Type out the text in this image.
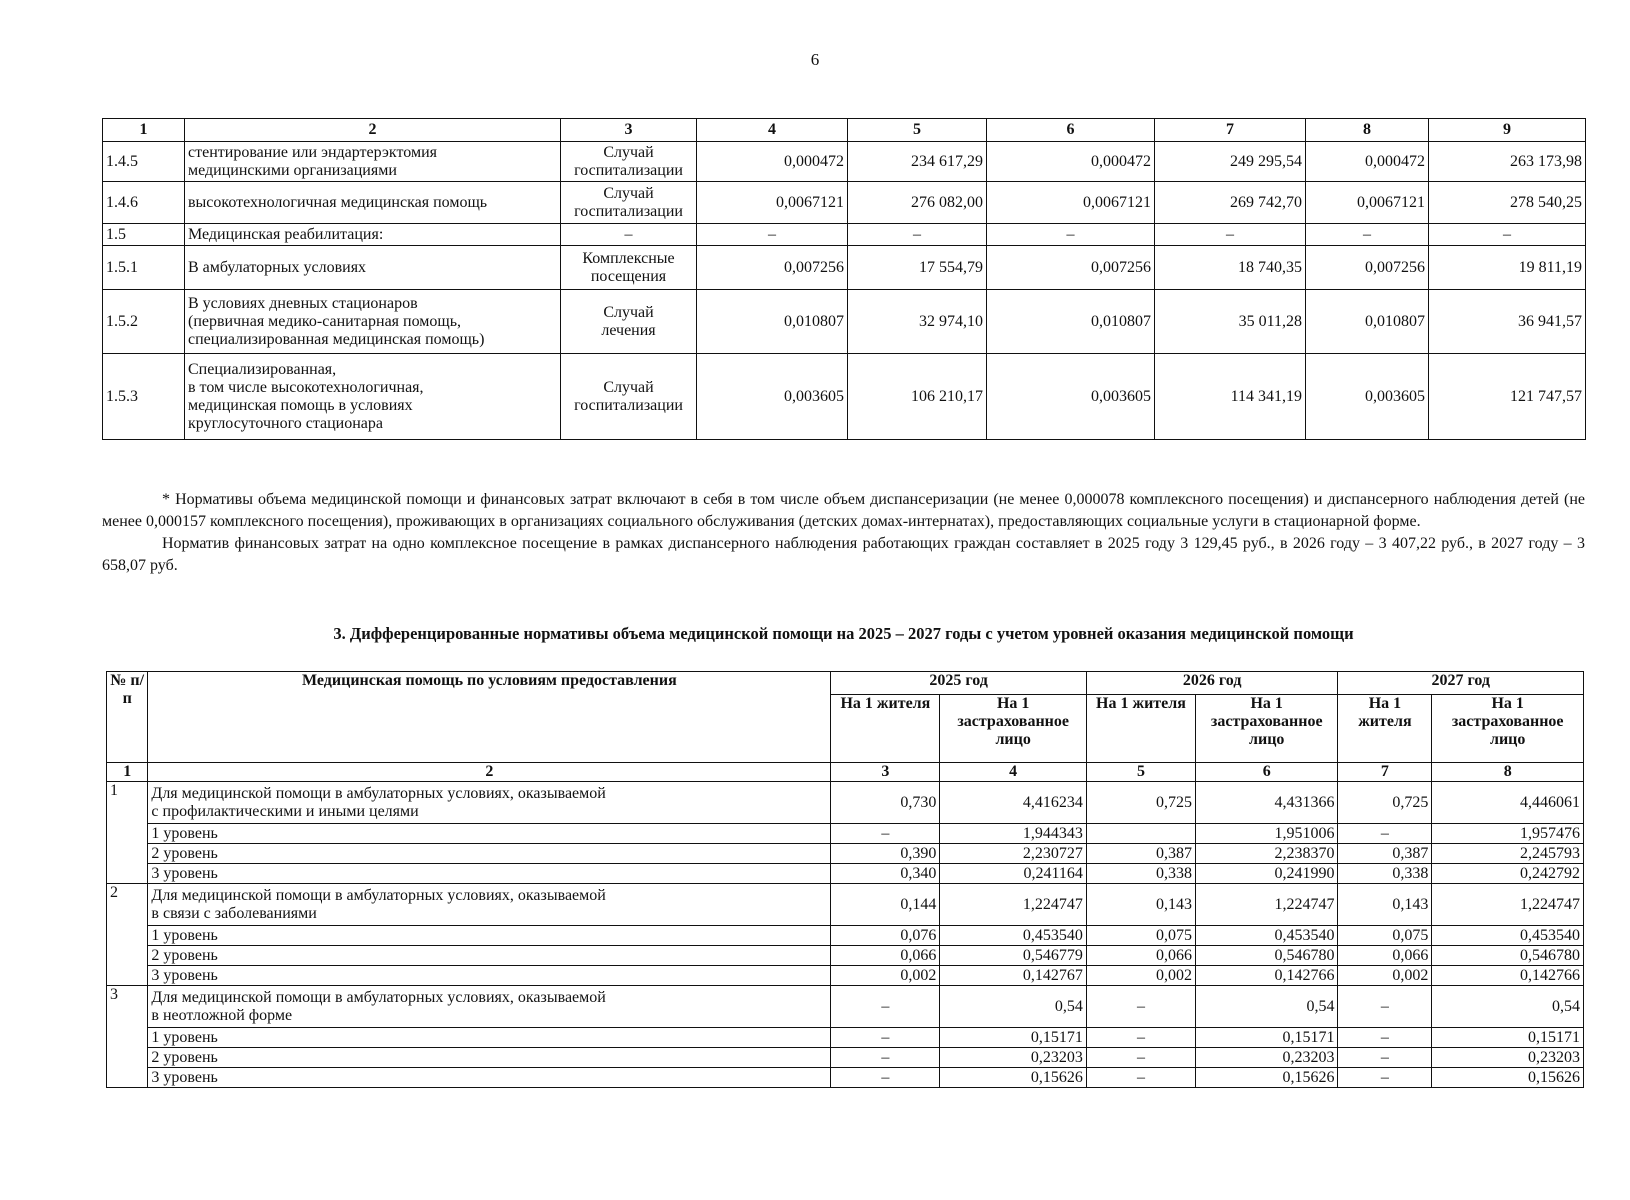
6
1	2	3	4	5	6	7	8	9
1.4.5	стентирование или эндартерэктомия
медицинскими организациями	Случай
госпитализации	0,000472	234 617,29	0,000472	249 295,54	0,000472	263 173,98
1.4.6	высокотехнологичная медицинская помощь	Случай
госпитализации	0,0067121	276 082,00	0,0067121	269 742,70	0,0067121	278 540,25
1.5	Медицинская реабилитация:	–	–	–	–	–	–	–
1.5.1	В амбулаторных условиях	Комплексные
посещения	0,007256	17 554,79	0,007256	18 740,35	0,007256	19 811,19
1.5.2	В условиях дневных стационаров
(первичная медико-санитарная помощь,
специализированная медицинская помощь)	Случай
лечения	0,010807	32 974,10	0,010807	35 011,28	0,010807	36 941,57
1.5.3	Специализированная,
в том числе высокотехнологичная,
медицинская помощь в условиях
круглосуточного стационара	Случай
госпитализации	0,003605	106 210,17	0,003605	114 341,19	0,003605	121 747,57

* Нормативы объема медицинской помощи и финансовых затрат включают в себя в том числе объем диспансеризации (не менее 0,000078 комплексного посещения) и диспансерного наблюдения детей (не менее 0,000157 комплексного посещения), проживающих в организациях социального обслуживания (детских домах-интернатах), предоставляющих социальные услуги в стационарной форме.

Норматив финансовых затрат на одно комплексное посещение в рамках диспансерного наблюдения работающих граждан составляет в 2025 году 3 129,45 руб., в 2026 году – 3 407,22 руб., в 2027 году – 3 658,07 руб.

3. Дифференцированные нормативы объема медицинской помощи на 2025 – 2027 годы с учетом уровней оказания медицинской помощи
№ п/п	Медицинская помощь по условиям предоставления	2025 год		2026 год		2027 год	
		На 1 жителя	На 1 застрахованное лицо	На 1 жителя	На 1 застрахованное лицо	На 1 жителя	На 1 застрахованное лицо
1	2	3	4	5	6	7	8
1	Для медицинской помощи в амбулаторных условиях, оказываемой
с профилактическими и иными целями	0,730	4,416234	0,725	4,431366	0,725	4,446061
	1 уровень	–	1,944343		1,951006	–	1,957476
	2 уровень	0,390	2,230727	0,387	2,238370	0,387	2,245793
	3 уровень	0,340	0,241164	0,338	0,241990	0,338	0,242792
2	Для медицинской помощи в амбулаторных условиях, оказываемой
в связи с заболеваниями	0,144	1,224747	0,143	1,224747	0,143	1,224747
	1 уровень	0,076	0,453540	0,075	0,453540	0,075	0,453540
	2 уровень	0,066	0,546779	0,066	0,546780	0,066	0,546780
	3 уровень	0,002	0,142767	0,002	0,142766	0,002	0,142766
3	Для медицинской помощи в амбулаторных условиях, оказываемой
в неотложной форме	–	0,54	–	0,54	–	0,54
	1 уровень	–	0,15171	–	0,15171	–	0,15171
	2 уровень	–	0,23203	–	0,23203	–	0,23203
	3 уровень	–	0,15626	–	0,15626	–	0,15626
